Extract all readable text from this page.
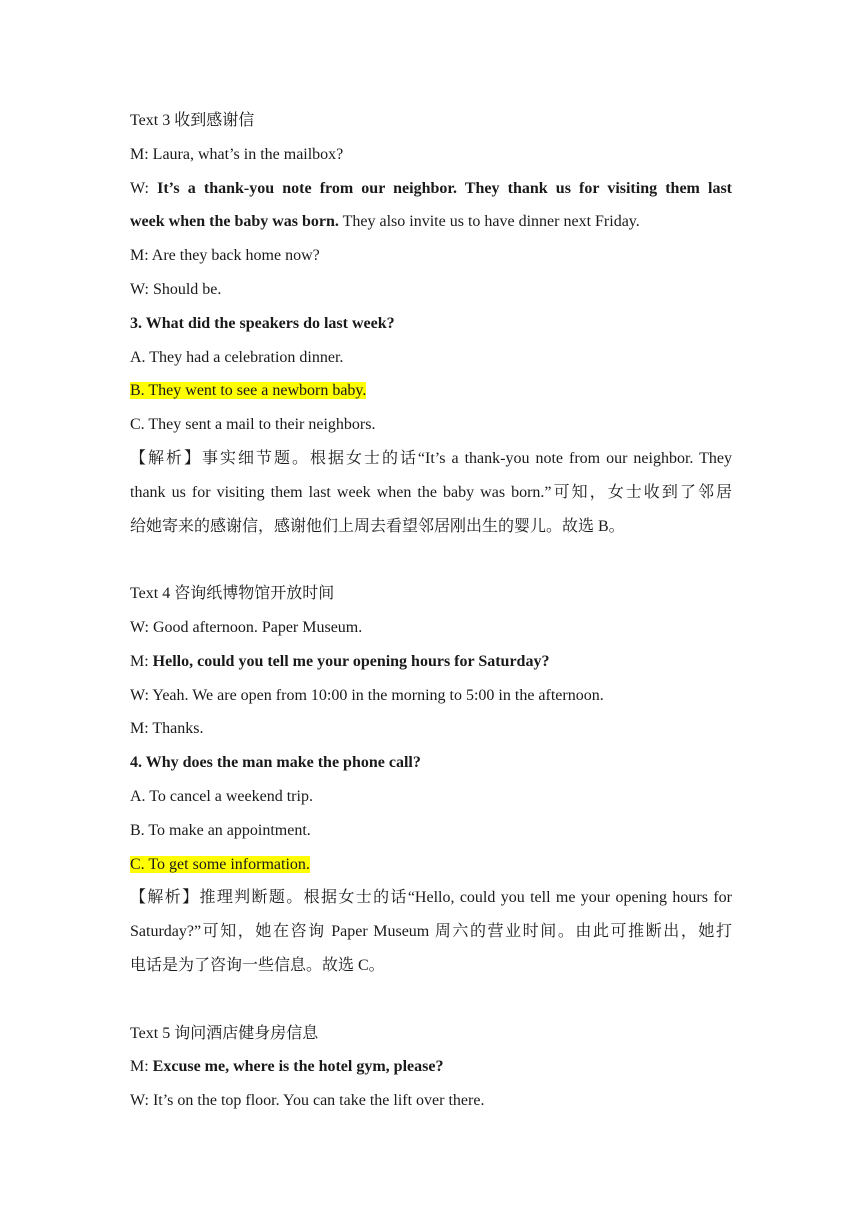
Text 3 收到感谢信
M: Laura, what’s in the mailbox?
W: It’s a thank-you note from our neighbor. They thank us for visiting them last
week when the baby was born. They also invite us to have dinner next Friday.
M: Are they back home now?
W: Should be.
3. What did the speakers do last week?
A. They had a celebration dinner.
B. They went to see a newborn baby.
C. They sent a mail to their neighbors.
【解析】事实细节题。根据女士的话“It’s a thank-you note from our neighbor. They
thank us for visiting them last week when the baby was born.”可知，女士收到了邻居
给她寄来的感谢信，感谢他们上周去看望邻居刚出生的婴儿。故选 B。
Text 4 咨询纸博物馆开放时间
W: Good afternoon. Paper Museum.
M: Hello, could you tell me your opening hours for Saturday?
W: Yeah. We are open from 10:00 in the morning to 5:00 in the afternoon.
M: Thanks.
4. Why does the man make the phone call?
A. To cancel a weekend trip.
B. To make an appointment.
C. To get some information.
【解析】推理判断题。根据女士的话“Hello, could you tell me your opening hours for
Saturday?”可知，她在咨询 Paper Museum 周六的营业时间。由此可推断出，她打
电话是为了咨询一些信息。故选 C。
Text 5 询问酒店健身房信息
M: Excuse me, where is the hotel gym, please?
W: It’s on the top floor. You can take the lift over there.
